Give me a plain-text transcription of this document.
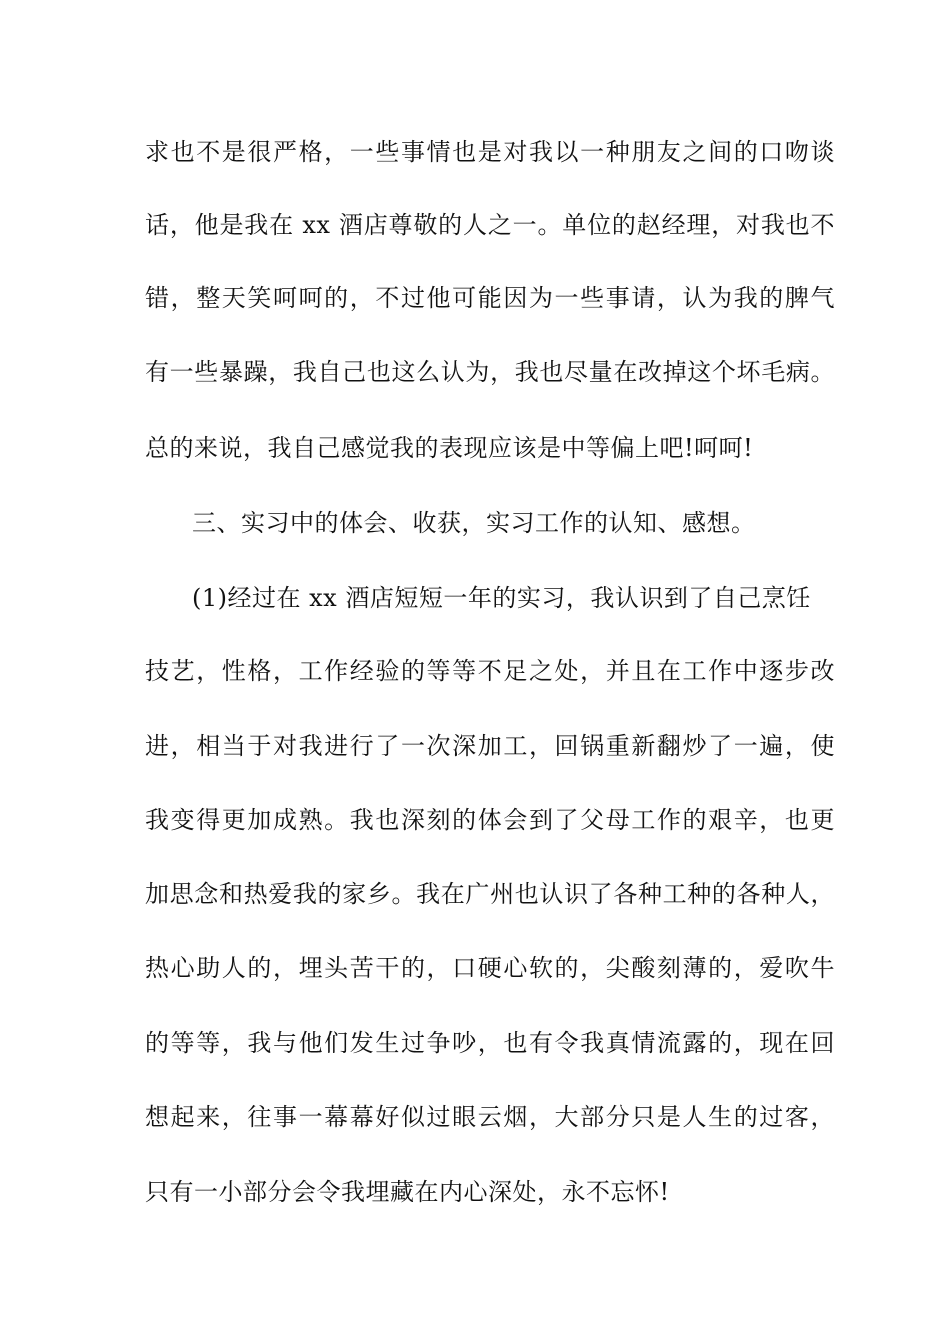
求也不是很严格，一些事情也是对我以一种朋友之间的口吻谈
话，他是我在 xx 酒店尊敬的人之一。单位的赵经理，对我也不
错，整天笑呵呵的，不过他可能因为一些事请，认为我的脾气
有一些暴躁，我自己也这么认为，我也尽量在改掉这个坏毛病。
总的来说，我自己感觉我的表现应该是中等偏上吧!呵呵!
三、实习中的体会、收获，实习工作的认知、感想。
(1)经过在 xx 酒店短短一年的实习，我认识到了自己烹饪
技艺，性格，工作经验的等等不足之处，并且在工作中逐步改
进，相当于对我进行了一次深加工，回锅重新翻炒了一遍，使
我变得更加成熟。我也深刻的体会到了父母工作的艰辛，也更
加思念和热爱我的家乡。我在广州也认识了各种工种的各种人，
热心助人的，埋头苦干的，口硬心软的，尖酸刻薄的，爱吹牛
的等等，我与他们发生过争吵，也有令我真情流露的，现在回
想起来，往事一幕幕好似过眼云烟，大部分只是人生的过客，
只有一小部分会令我埋藏在内心深处，永不忘怀!
